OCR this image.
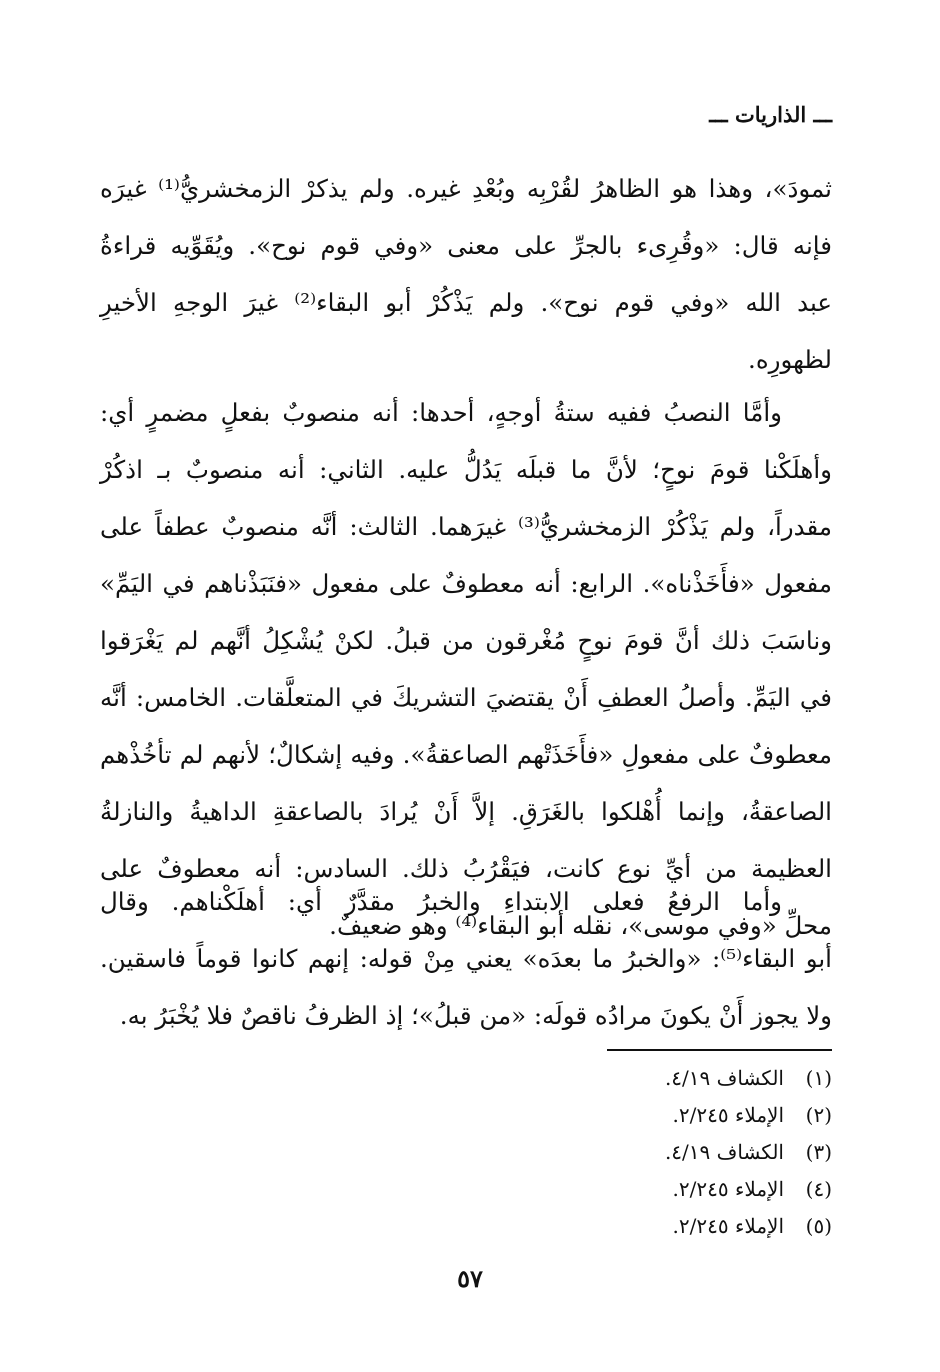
ـــ الذاريات ـــ
ثمودَ»، وهذا هو الظاهرُ لقُرْبِه وبُعْدِ غيره. ولم يذكرْ الزمخشريُّ⁽¹⁾ غيرَه
فإنه قال: «وقُرِىء بالجرِّ على معنى «وفي قوم نوح». ويُقَوِّيه قراءةُ
عبد الله «وفي قوم نوح». ولم يَذْكُرْ أبو البقاء⁽²⁾ غيرَ الوجهِ الأخيرِ
لظهورِه.
وأمَّا النصبُ ففيه ستةُ أوجهٍ، أحدها: أنه منصوبٌ بفعلٍ مضمرٍ أي:
وأهلَكْنا قومَ نوحٍ؛ لأنَّ ما قبلَه يَدُلُّ عليه. الثاني: أنه منصوبٌ بـ اذكُرْ
مقدراً، ولم يَذْكُرْ الزمخشريُّ⁽³⁾ غيرَهما. الثالث: أنَّه منصوبٌ عطفاً على
مفعول «فأَخَذْناه». الرابع: أنه معطوفٌ على مفعول «فنَبَذْناهم في اليَمِّ»
وناسَبَ ذلك أنَّ قومَ نوحٍ مُغْرقون من قبلُ. لكنْ يُشْكِلُ أنَّهم لم يَغْرَقوا
في اليَمِّ. وأصلُ العطفِ أَنْ يقتضيَ التشريكَ في المتعلَّقات. الخامس: أنَّه
معطوفٌ على مفعولِ «فأَخَذَتْهم الصاعقةُ». وفيه إشكالٌ؛ لأنهم لم تأخُذْهم
الصاعقةُ، وإنما أُهْلكوا بالغَرَقِ. إلاَّ أَنْ يُرادَ بالصاعقةِ الداهيةُ والنازلةُ
العظيمة من أيِّ نوع كانت، فيَقْرُبُ ذلك. السادس: أنه معطوفٌ على
محلِّ «وفي موسى»، نقله أبو البقاء⁽⁴⁾ وهو ضعيفٌ.
وأما الرفعُ فعلى الابتداءِ والخبرُ مقدَّرٌ أي: أهلَكْناهم. وقال
أبو البقاء⁽⁵⁾: «والخبرُ ما بعدَه» يعني مِنْ قوله: إنهم كانوا قوماً فاسقين.
ولا يجوز أَنْ يكونَ مرادُه قولَه: «من قبلُ»؛ إذ الظرفُ ناقصٌ فلا يُخْبَرُ به.
(١)الكشاف ٤/١٩.
(٢)الإملاء ٢/٢٤٥.
(٣)الكشاف ٤/١٩.
(٤)الإملاء ٢/٢٤٥.
(٥)الإملاء ٢/٢٤٥.
٥٧
